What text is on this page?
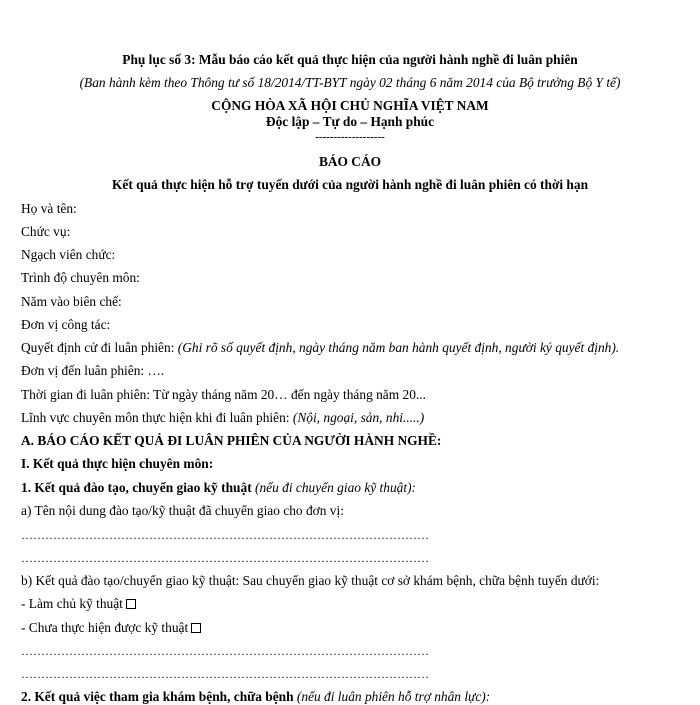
Phụ lục số 3: Mẫu báo cáo kết quả thực hiện của người hành nghề đi luân phiên
(Ban hành kèm theo Thông tư số 18/2014/TT-BYT ngày 02 tháng 6 năm 2014 của Bộ trưởng Bộ Y tế)
CỘNG HÒA XÃ HỘI CHỦ NGHĨA VIỆT NAM
Độc lập – Tự do – Hạnh phúc
-------------------
BÁO CÁO
Kết quả thực hiện hỗ trợ tuyến dưới của người hành nghề đi luân phiên có thời hạn
Họ và tên:
Chức vụ:
Ngạch viên chức:
Trình độ chuyên môn:
Năm vào biên chế:
Đơn vị công tác:
Quyết định cử đi luân phiên: (Ghi rõ số quyết định, ngày tháng năm ban hành quyết định, người ký quyết định).
Đơn vị đến luân phiên: ….
Thời gian đi luân phiên: Từ ngày tháng năm 20… đến ngày tháng năm 20...
Lĩnh vực chuyên môn thực hiện khi đi luân phiên: (Nội, ngoại, sản, nhi.....)
A. BÁO CÁO KẾT QUẢ ĐI LUÂN PHIÊN CỦA NGƯỜI HÀNH NGHỀ:
I. Kết quả thực hiện chuyên môn:
1. Kết quả đào tạo, chuyển giao kỹ thuật (nếu đi chuyển giao kỹ thuật):
a) Tên nội dung đào tạo/kỹ thuật đã chuyển giao cho đơn vị:
…………………………………………………………………………………………
…………………………………………………………………………………………
b) Kết quả đào tạo/chuyển giao kỹ thuật: Sau chuyển giao kỹ thuật cơ sở khám bệnh, chữa bệnh tuyến dưới:
- Làm chủ kỹ thuật
- Chưa thực hiện được kỹ thuật
…………………………………………………………………………………………
…………………………………………………………………………………………
2. Kết quả việc tham gia khám bệnh, chữa bệnh (nếu đi luân phiên hỗ trợ nhân lực):
